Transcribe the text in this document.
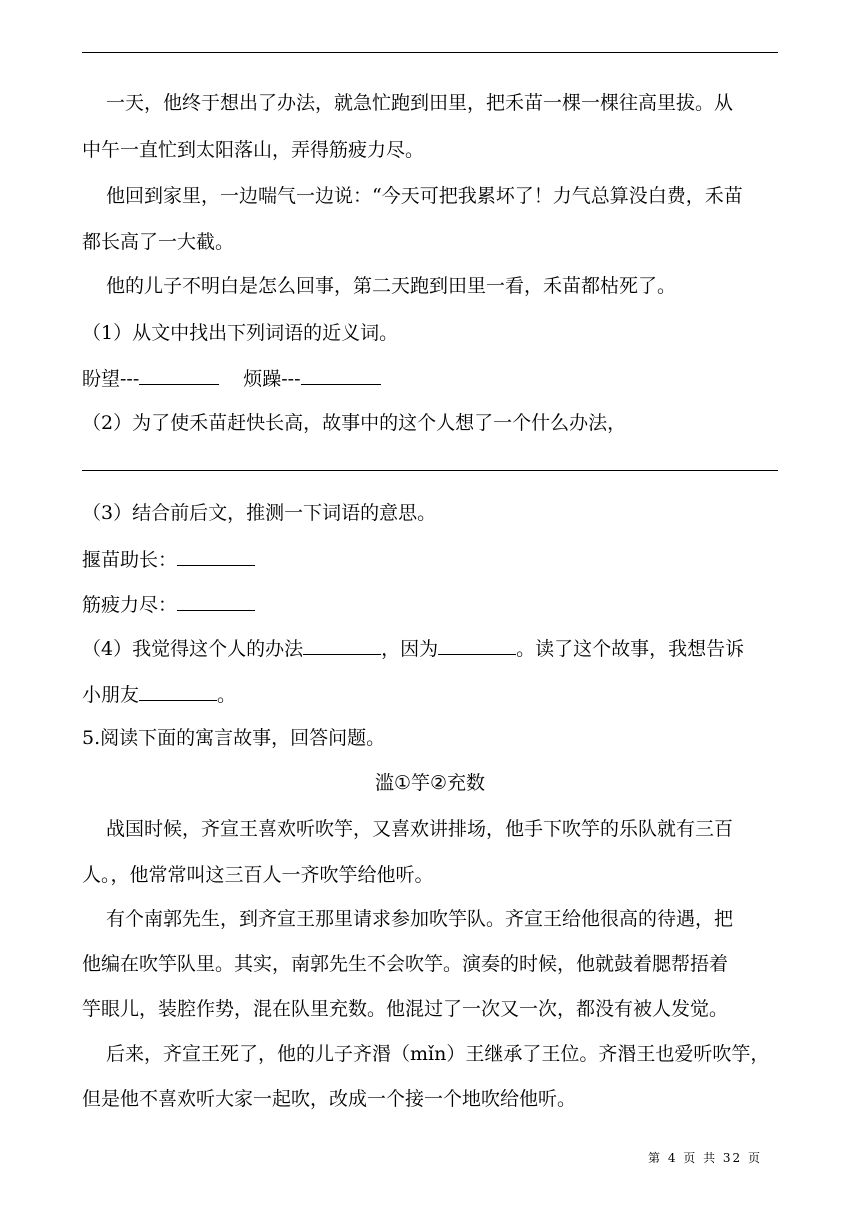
一天，他终于想出了办法，就急忙跑到田里，把禾苗一棵一棵往高里拔。从
中午一直忙到太阳落山，弄得筋疲力尽。
他回到家里，一边喘气一边说：“今天可把我累坏了！力气总算没白费，禾苗
都长高了一大截。
他的儿子不明白是怎么回事，第二天跑到田里一看，禾苗都枯死了。
（1）从文中找出下列词语的近义词。
盼望---	烦躁---
（2）为了使禾苗赶快长高，故事中的这个人想了一个什么办法，
（3）结合前后文，推测一下词语的意思。
揠苗助长：
筋疲力尽：
（4）我觉得这个人的办法	，因为	。读了这个故事，我想告诉
小朋友	。
5.阅读下面的寓言故事，回答问题。
滥①竽②充数
战国时候，齐宣王喜欢听吹竽，又喜欢讲排场，他手下吹竽的乐队就有三百
人。，他常常叫这三百人一齐吹竽给他听。
有个南郭先生，到齐宣王那里请求参加吹竽队。齐宣王给他很高的待遇，把
他编在吹竽队里。其实，南郭先生不会吹竽。演奏的时候，他就鼓着腮帮捂着
竽眼儿，装腔作势，混在队里充数。他混过了一次又一次，都没有被人发觉。
后来，齐宣王死了，他的儿子齐湣（mǐn）王继承了王位。齐湣王也爱听吹竽，
但是他不喜欢听大家一起吹，改成一个接一个地吹给他听。
第 4 页 共 32 页
